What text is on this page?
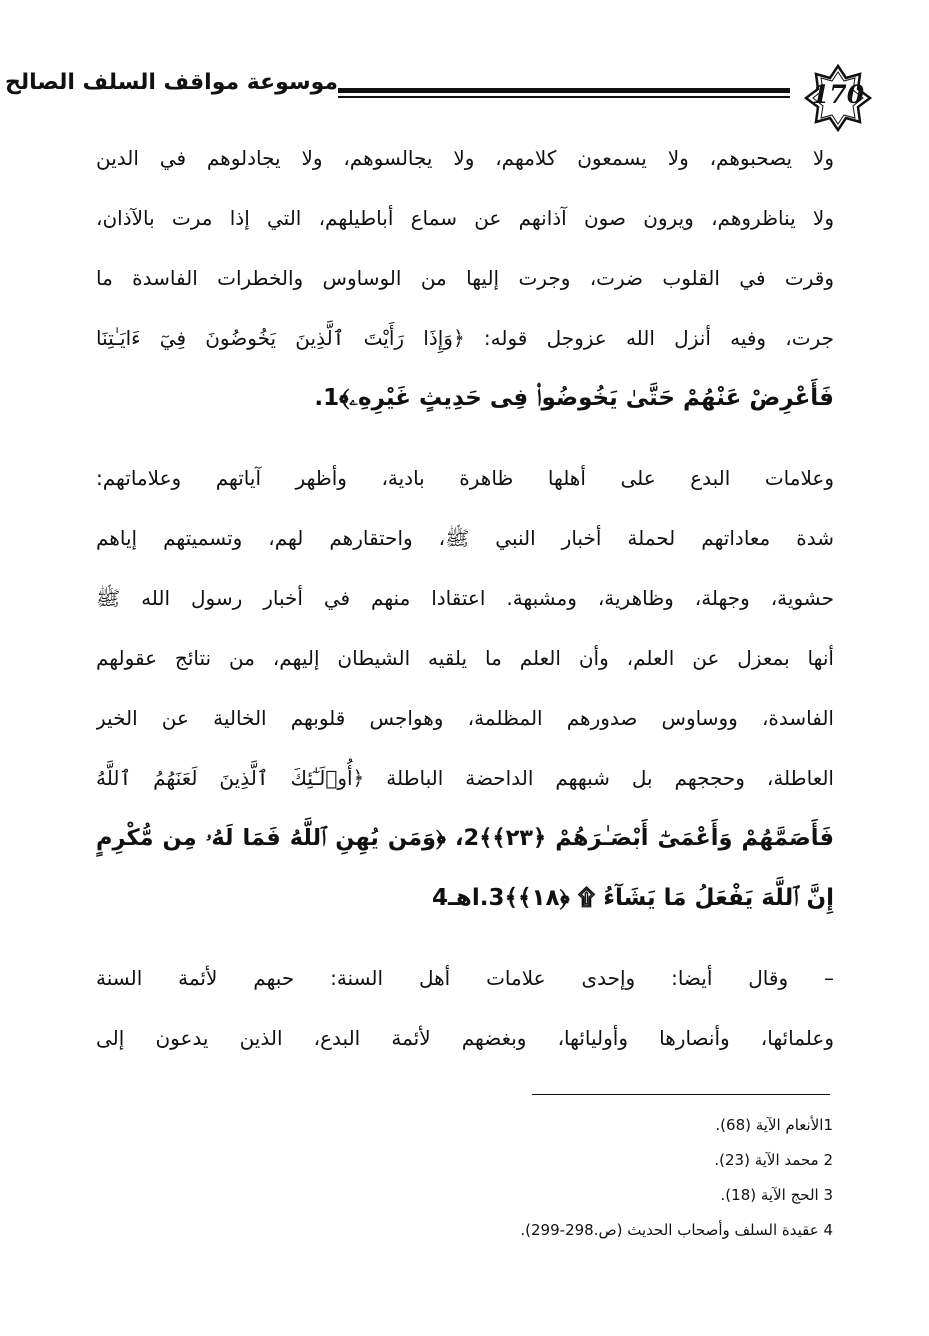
170
موسوعة مواقف السلف الصالح
ولا يصحبوهم، ولا يسمعون كلامهم، ولا يجالسوهم، ولا يجادلوهم في الدين
ولا يناظروهم، ويرون صون آذانهم عن سماع أباطيلهم، التي إذا مرت بالآذان،
وقرت في القلوب ضرت، وجرت إليها من الوساوس والخطرات الفاسدة ما
جرت، وفيه أنزل الله عزوجل قوله: ﴿وَإِذَا رَأَيْتَ ٱلَّذِينَ يَخُوضُونَ فِيٓ ءَايَـٰتِنَا
فَأَعْرِضْ عَنْهُمْ حَتَّىٰ يَخُوضُوا۟ فِى حَدِيثٍ غَيْرِهِۦ﴾1.
وعلامات البدع على أهلها ظاهرة بادية، وأظهر آياتهم وعلاماتهم:
شدة معاداتهم لحملة أخبار النبي ﷺ، واحتقارهم لهم، وتسميتهم إياهم
حشوية، وجهلة، وظاهرية، ومشبهة. اعتقادا منهم في أخبار رسول الله ﷺ
أنها بمعزل عن العلم، وأن العلم ما يلقيه الشيطان إليهم، من نتائج عقولهم
الفاسدة، ووساوس صدورهم المظلمة، وهواجس قلوبهم الخالية عن الخير
العاطلة، وحججهم بل شبههم الداحضة الباطلة ﴿أُو۟لَـٰٓئِكَ ٱلَّذِينَ لَعَنَهُمُ ٱللَّهُ
فَأَصَمَّهُمْ وَأَعْمَىٰٓ أَبْصَـٰرَهُمْ ﴿٢٣﴾﴾2، ﴿وَمَن يُهِنِ ٱللَّهُ فَمَا لَهُۥ مِن مُّكْرِمٍ
إِنَّ ٱللَّهَ يَفْعَلُ مَا يَشَآءُ ۩ ﴿١٨﴾﴾3.اهـ4
– وقال أيضا: وإحدى علامات أهل السنة: حبهم لأئمة السنة
وعلمائها، وأنصارها وأوليائها، وبغضهم لأئمة البدع، الذين يدعون إلى
1الأنعام الآية (68).
2 محمد الآية (23).
3 الحج الآية (18).
4 عقيدة السلف وأصحاب الحديث (ص.298-299).
